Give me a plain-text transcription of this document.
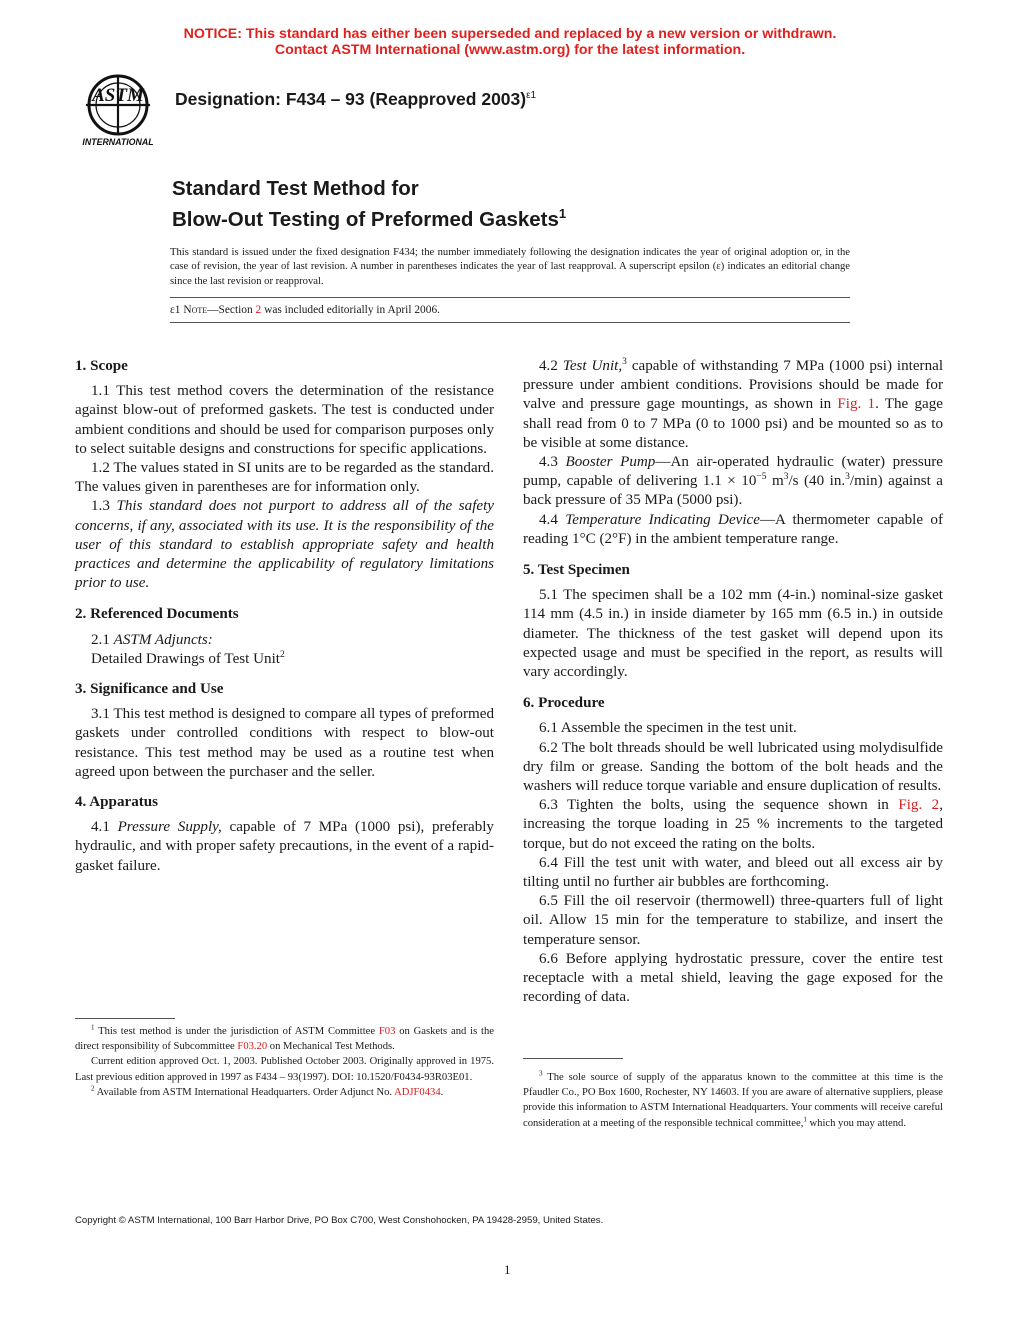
NOTICE: This standard has either been superseded and replaced by a new version or withdrawn.
Contact ASTM International (www.astm.org) for the latest information.
ASTM
INTERNATIONAL
Designation: F434 – 93 (Reapproved 2003)$^{\varepsilon 1}$
Standard Test Method for
Blow-Out Testing of Preformed Gaskets$^1$
This standard is issued under the fixed designation F434; the number immediately following the designation indicates the year of original adoption or, in the case of revision, the year of last revision. A number in parentheses indicates the year of last reapproval. A superscript epsilon (ε) indicates an editorial change since the last revision or reapproval.
ε1 Note—Section 2 was included editorially in April 2006.
1. Scope

1.1 This test method covers the determination of the resistance against blow-out of preformed gaskets. The test is conducted under ambient conditions and should be used for comparison purposes only to select suitable designs and constructions for specific applications.

1.2 The values stated in SI units are to be regarded as the standard. The values given in parentheses are for information only.

1.3 This standard does not purport to address all of the safety concerns, if any, associated with its use. It is the responsibility of the user of this standard to establish appropriate safety and health practices and determine the applicability of regulatory limitations prior to use.

2. Referenced Documents

2.1 ASTM Adjuncts:

Detailed Drawings of Test Unit$^2$

3. Significance and Use

3.1 This test method is designed to compare all types of preformed gaskets under controlled conditions with respect to blow-out resistance. This test method may be used as a routine test when agreed upon between the purchaser and the seller.

4. Apparatus

4.1 Pressure Supply, capable of 7 MPa (1000 psi), preferably hydraulic, and with proper safety precautions, in the event of a rapid-gasket failure.

$^1$ This test method is under the jurisdiction of ASTM Committee F03 on Gaskets and is the direct responsibility of Subcommittee F03.20 on Mechanical Test Methods.

Current edition approved Oct. 1, 2003. Published October 2003. Originally approved in 1975. Last previous edition approved in 1997 as F434 – 93(1997). DOI: 10.1520/F0434-93R03E01.

$^2$ Available from ASTM International Headquarters. Order Adjunct No. ADJF0434.

4.2 Test Unit,$^3$ capable of withstanding 7 MPa (1000 psi) internal pressure under ambient conditions. Provisions should be made for valve and pressure gage mountings, as shown in Fig. 1. The gage shall read from 0 to 7 MPa (0 to 1000 psi) and be mounted so as to be visible at some distance.

4.3 Booster Pump—An air-operated hydraulic (water) pressure pump, capable of delivering $1.1 \times 10^{-5}$ $m^3/s$ (40 in.$^3$/min) against a back pressure of 35 MPa (5000 psi).

4.4 Temperature Indicating Device—A thermometer capable of reading 1°C (2°F) in the ambient temperature range.

5. Test Specimen

5.1 The specimen shall be a 102 mm (4-in.) nominal-size gasket 114 mm (4.5 in.) in inside diameter by 165 mm (6.5 in.) in outside diameter. The thickness of the test gasket will depend upon its expected usage and must be specified in the report, as results will vary accordingly.

6. Procedure

6.1 Assemble the specimen in the test unit.

6.2 The bolt threads should be well lubricated using molydisulfide dry film or grease. Sanding the bottom of the bolt heads and the washers will reduce torque variable and ensure duplication of results.

6.3 Tighten the bolts, using the sequence shown in Fig. 2, increasing the torque loading in 25 % increments to the targeted torque, but do not exceed the rating on the bolts.

6.4 Fill the test unit with water, and bleed out all excess air by tilting until no further air bubbles are forthcoming.

6.5 Fill the oil reservoir (thermowell) three-quarters full of light oil. Allow 15 min for the temperature to stabilize, and insert the temperature sensor.

6.6 Before applying hydrostatic pressure, cover the entire test receptacle with a metal shield, leaving the gage exposed for the recording of data.

$^3$ The sole source of supply of the apparatus known to the committee at this time is the Pfaudler Co., PO Box 1600, Rochester, NY 14603. If you are aware of alternative suppliers, please provide this information to ASTM International Headquarters. Your comments will receive careful consideration at a meeting of the responsible technical committee,$^1$ which you may attend.

Copyright © ASTM International, 100 Barr Harbor Drive, PO Box C700, West Conshohocken, PA 19428-2959, United States.
1
